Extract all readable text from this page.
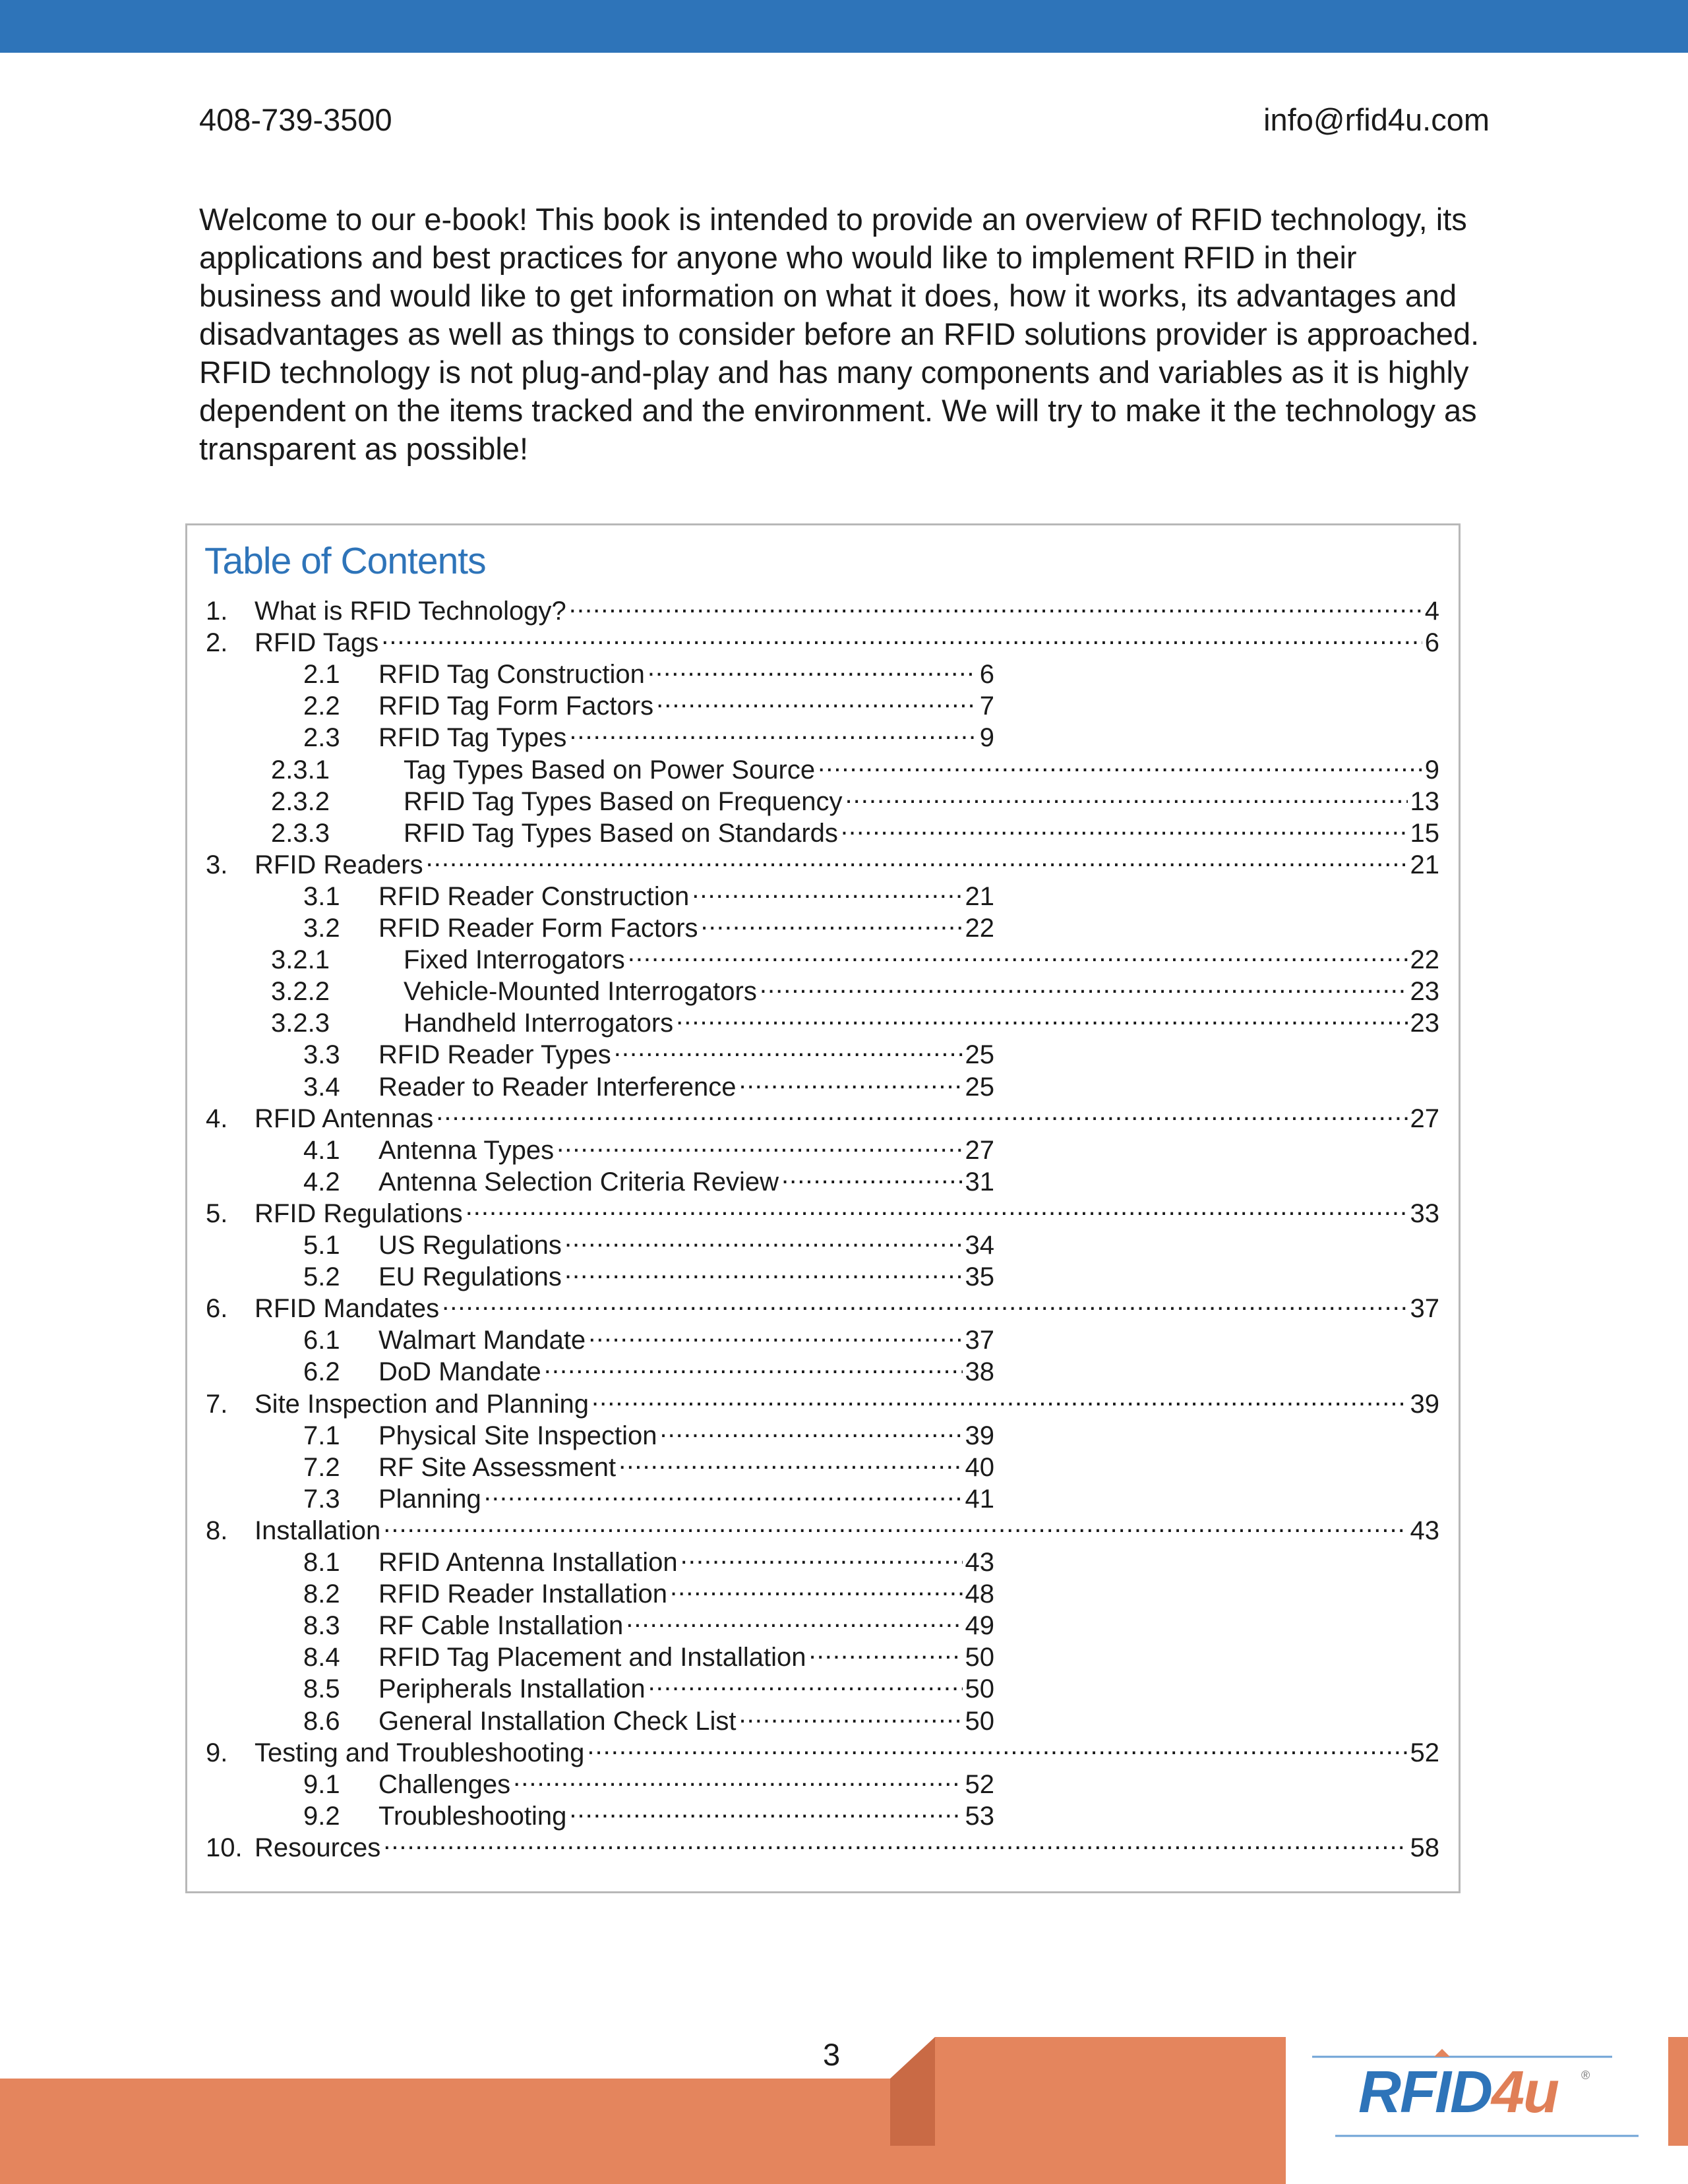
408-739-3500	info@rfid4u.com

Welcome to our e-book! This book is intended to provide an overview of RFID technology, its applications and best practices for anyone who would like to implement RFID in their business and would like to get information on what it does, how it works, its advantages and disadvantages as well as things to consider before an RFID solutions provider is approached. RFID technology is not plug-and-play and has many components and variables as it is highly dependent on the items tracked and the environment. We will try to make it the technology as transparent as possible!

Table of Contents
1.	What is RFID Technology? .....	4
2.	RFID Tags .....	6
2.1	RFID Tag Construction .....	6
2.2	RFID Tag Form Factors .....	7
2.3	RFID Tag Types .....	9
2.3.1	Tag Types Based on Power Source .....	9
2.3.2	RFID Tag Types Based on Frequency .....	13
2.3.3	RFID Tag Types Based on Standards .....	15
3.	RFID Readers .....	21
3.1	RFID Reader Construction .....	21
3.2	RFID Reader Form Factors .....	22
3.2.1	Fixed Interrogators .....	22
3.2.2	Vehicle-Mounted Interrogators .....	23
3.2.3	Handheld Interrogators .....	23
3.3	RFID Reader Types .....	25
3.4	Reader to Reader Interference .....	25
4.	RFID Antennas .....	27
4.1	Antenna Types .....	27
4.2	Antenna Selection Criteria Review .....	31
5.	RFID Regulations .....	33
5.1	US Regulations .....	34
5.2	EU Regulations .....	35
6.	RFID Mandates .....	37
6.1	Walmart Mandate .....	37
6.2	DoD Mandate .....	38
7.	Site Inspection and Planning .....	39
7.1	Physical Site Inspection .....	39
7.2	RF Site Assessment .....	40
7.3	Planning .....	41
8.	Installation .....	43
8.1	RFID Antenna Installation .....	43
8.2	RFID Reader Installation .....	48
8.3	RF Cable Installation .....	49
8.4	RFID Tag Placement and Installation .....	50
8.5	Peripherals Installation .....	50
8.6	General Installation Check List .....	50
9.	Testing and Troubleshooting .....	52
9.1	Challenges .....	52
9.2	Troubleshooting .....	53
10. Resources .....	58
3
RFID4u ®
